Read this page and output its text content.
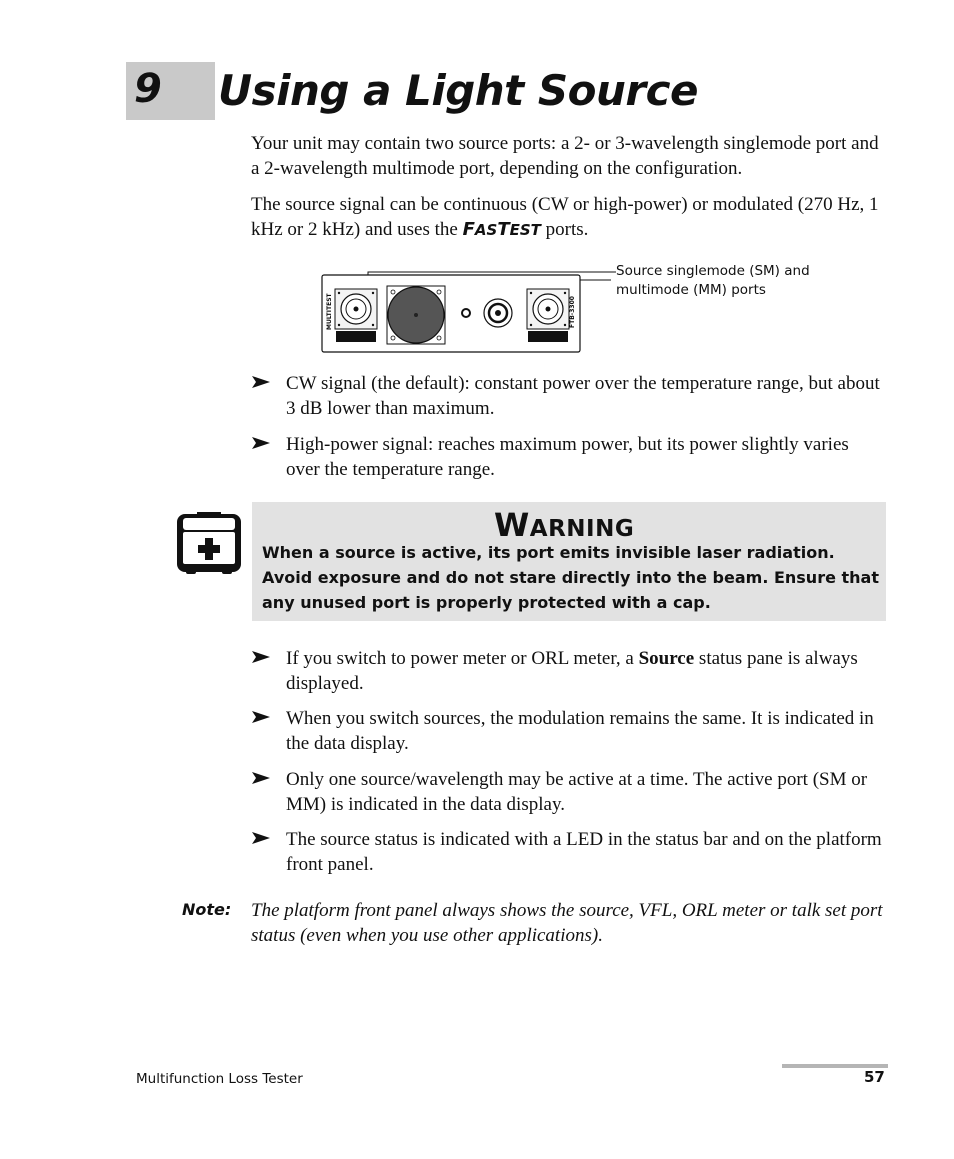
9 Using a Light Source
Your unit may contain two source ports: a 2- or 3-wavelength singlemode port and a 2-wavelength multimode port, depending on the configuration.
The source signal can be continuous (CW or high-power) or modulated (270 Hz, 1 kHz or 2 kHz) and uses the FASTEST ports.
MULTITEST	FTB-3300
Source singlemode (SM) and multimode (MM) ports
CW signal (the default): constant power over the temperature range, but about 3 dB lower than maximum.
High-power signal: reaches maximum power, but its power slightly varies over the temperature range.
WARNING
When a source is active, its port emits invisible laser radiation. Avoid exposure and do not stare directly into the beam. Ensure that any unused port is properly protected with a cap.
If you switch to power meter or ORL meter, a Source status pane is always displayed.
When you switch sources, the modulation remains the same. It is indicated in the data display.
Only one source/wavelength may be active at a time. The active port (SM or MM) is indicated in the data display.
The source status is indicated with a LED in the status bar and on the platform front panel.
Note: The platform front panel always shows the source, VFL, ORL meter or talk set port status (even when you use other applications).
Multifunction Loss Tester	57
